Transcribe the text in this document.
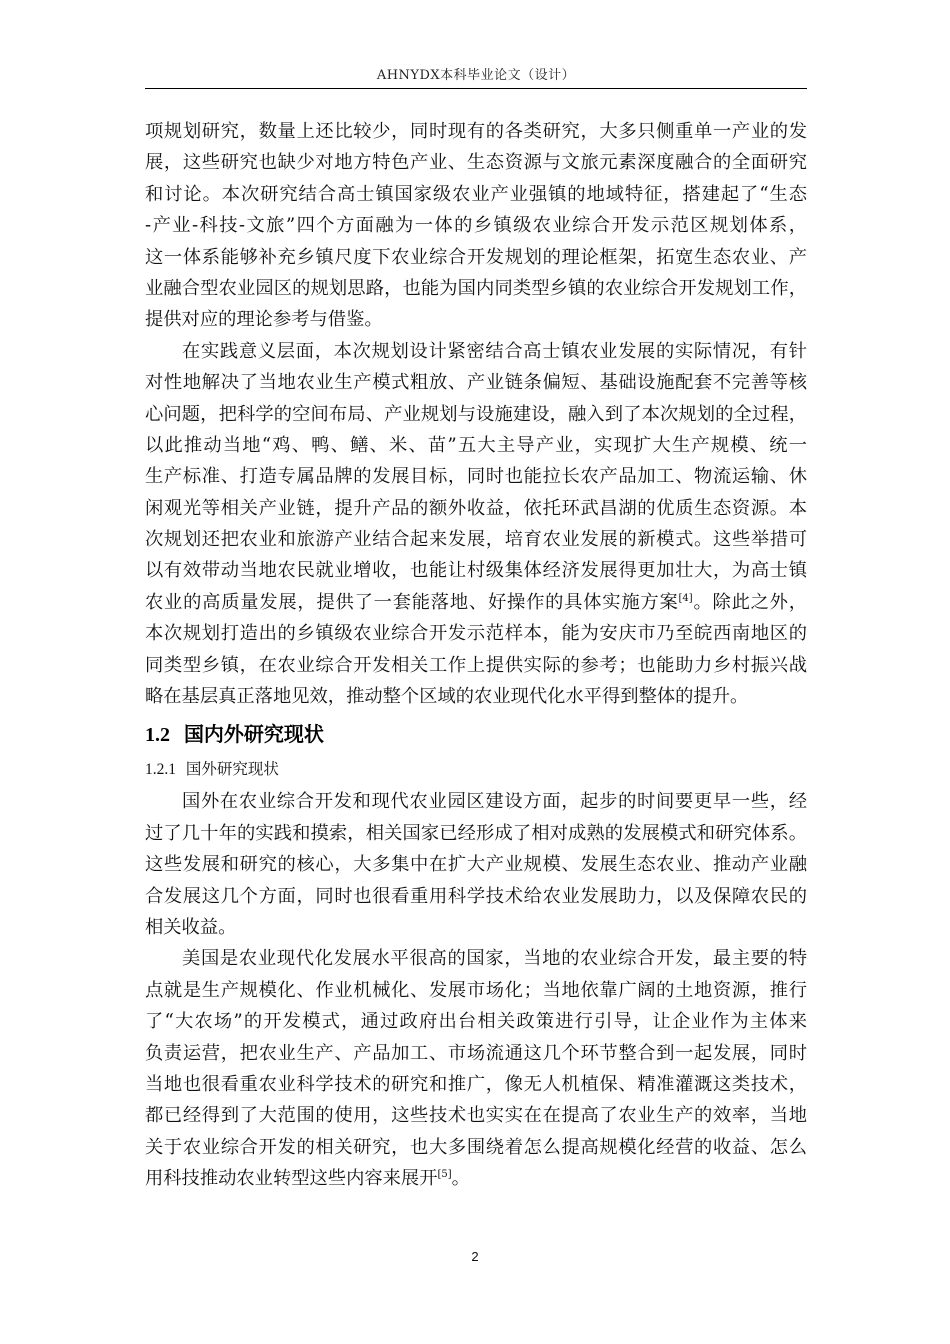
AHNYDX本科毕业论文（设计）
项规划研究，数量上还比较少，同时现有的各类研究，大多只侧重单一产业的发
展，这些研究也缺少对地方特色产业、生态资源与文旅元素深度融合的全面研究
和讨论。本次研究结合高士镇国家级农业产业强镇的地域特征，搭建起了“生态
-产业-科技-文旅”四个方面融为一体的乡镇级农业综合开发示范区规划体系，
这一体系能够补充乡镇尺度下农业综合开发规划的理论框架，拓宽生态农业、产
业融合型农业园区的规划思路，也能为国内同类型乡镇的农业综合开发规划工作，
提供对应的理论参考与借鉴。
在实践意义层面，本次规划设计紧密结合高士镇农业发展的实际情况，有针
对性地解决了当地农业生产模式粗放、产业链条偏短、基础设施配套不完善等核
心问题，把科学的空间布局、产业规划与设施建设，融入到了本次规划的全过程，
以此推动当地“鸡、鸭、鳝、米、苗”五大主导产业，实现扩大生产规模、统一
生产标准、打造专属品牌的发展目标，同时也能拉长农产品加工、物流运输、休
闲观光等相关产业链，提升产品的额外收益，依托环武昌湖的优质生态资源。本
次规划还把农业和旅游产业结合起来发展，培育农业发展的新模式。这些举措可
以有效带动当地农民就业增收，也能让村级集体经济发展得更加壮大，为高士镇
农业的高质量发展，提供了一套能落地、好操作的具体实施方案[4]。除此之外，
本次规划打造出的乡镇级农业综合开发示范样本，能为安庆市乃至皖西南地区的
同类型乡镇，在农业综合开发相关工作上提供实际的参考；也能助力乡村振兴战
略在基层真正落地见效，推动整个区域的农业现代化水平得到整体的提升。
1.2 国内外研究现状
1.2.1 国外研究现状
国外在农业综合开发和现代农业园区建设方面，起步的时间要更早一些，经
过了几十年的实践和摸索，相关国家已经形成了相对成熟的发展模式和研究体系。
这些发展和研究的核心，大多集中在扩大产业规模、发展生态农业、推动产业融
合发展这几个方面，同时也很看重用科学技术给农业发展助力，以及保障农民的
相关收益。
美国是农业现代化发展水平很高的国家，当地的农业综合开发，最主要的特
点就是生产规模化、作业机械化、发展市场化；当地依靠广阔的土地资源，推行
了“大农场”的开发模式，通过政府出台相关政策进行引导，让企业作为主体来
负责运营，把农业生产、产品加工、市场流通这几个环节整合到一起发展，同时
当地也很看重农业科学技术的研究和推广，像无人机植保、精准灌溉这类技术，
都已经得到了大范围的使用，这些技术也实实在在提高了农业生产的效率，当地
关于农业综合开发的相关研究，也大多围绕着怎么提高规模化经营的收益、怎么
用科技推动农业转型这些内容来展开[5]。
2
